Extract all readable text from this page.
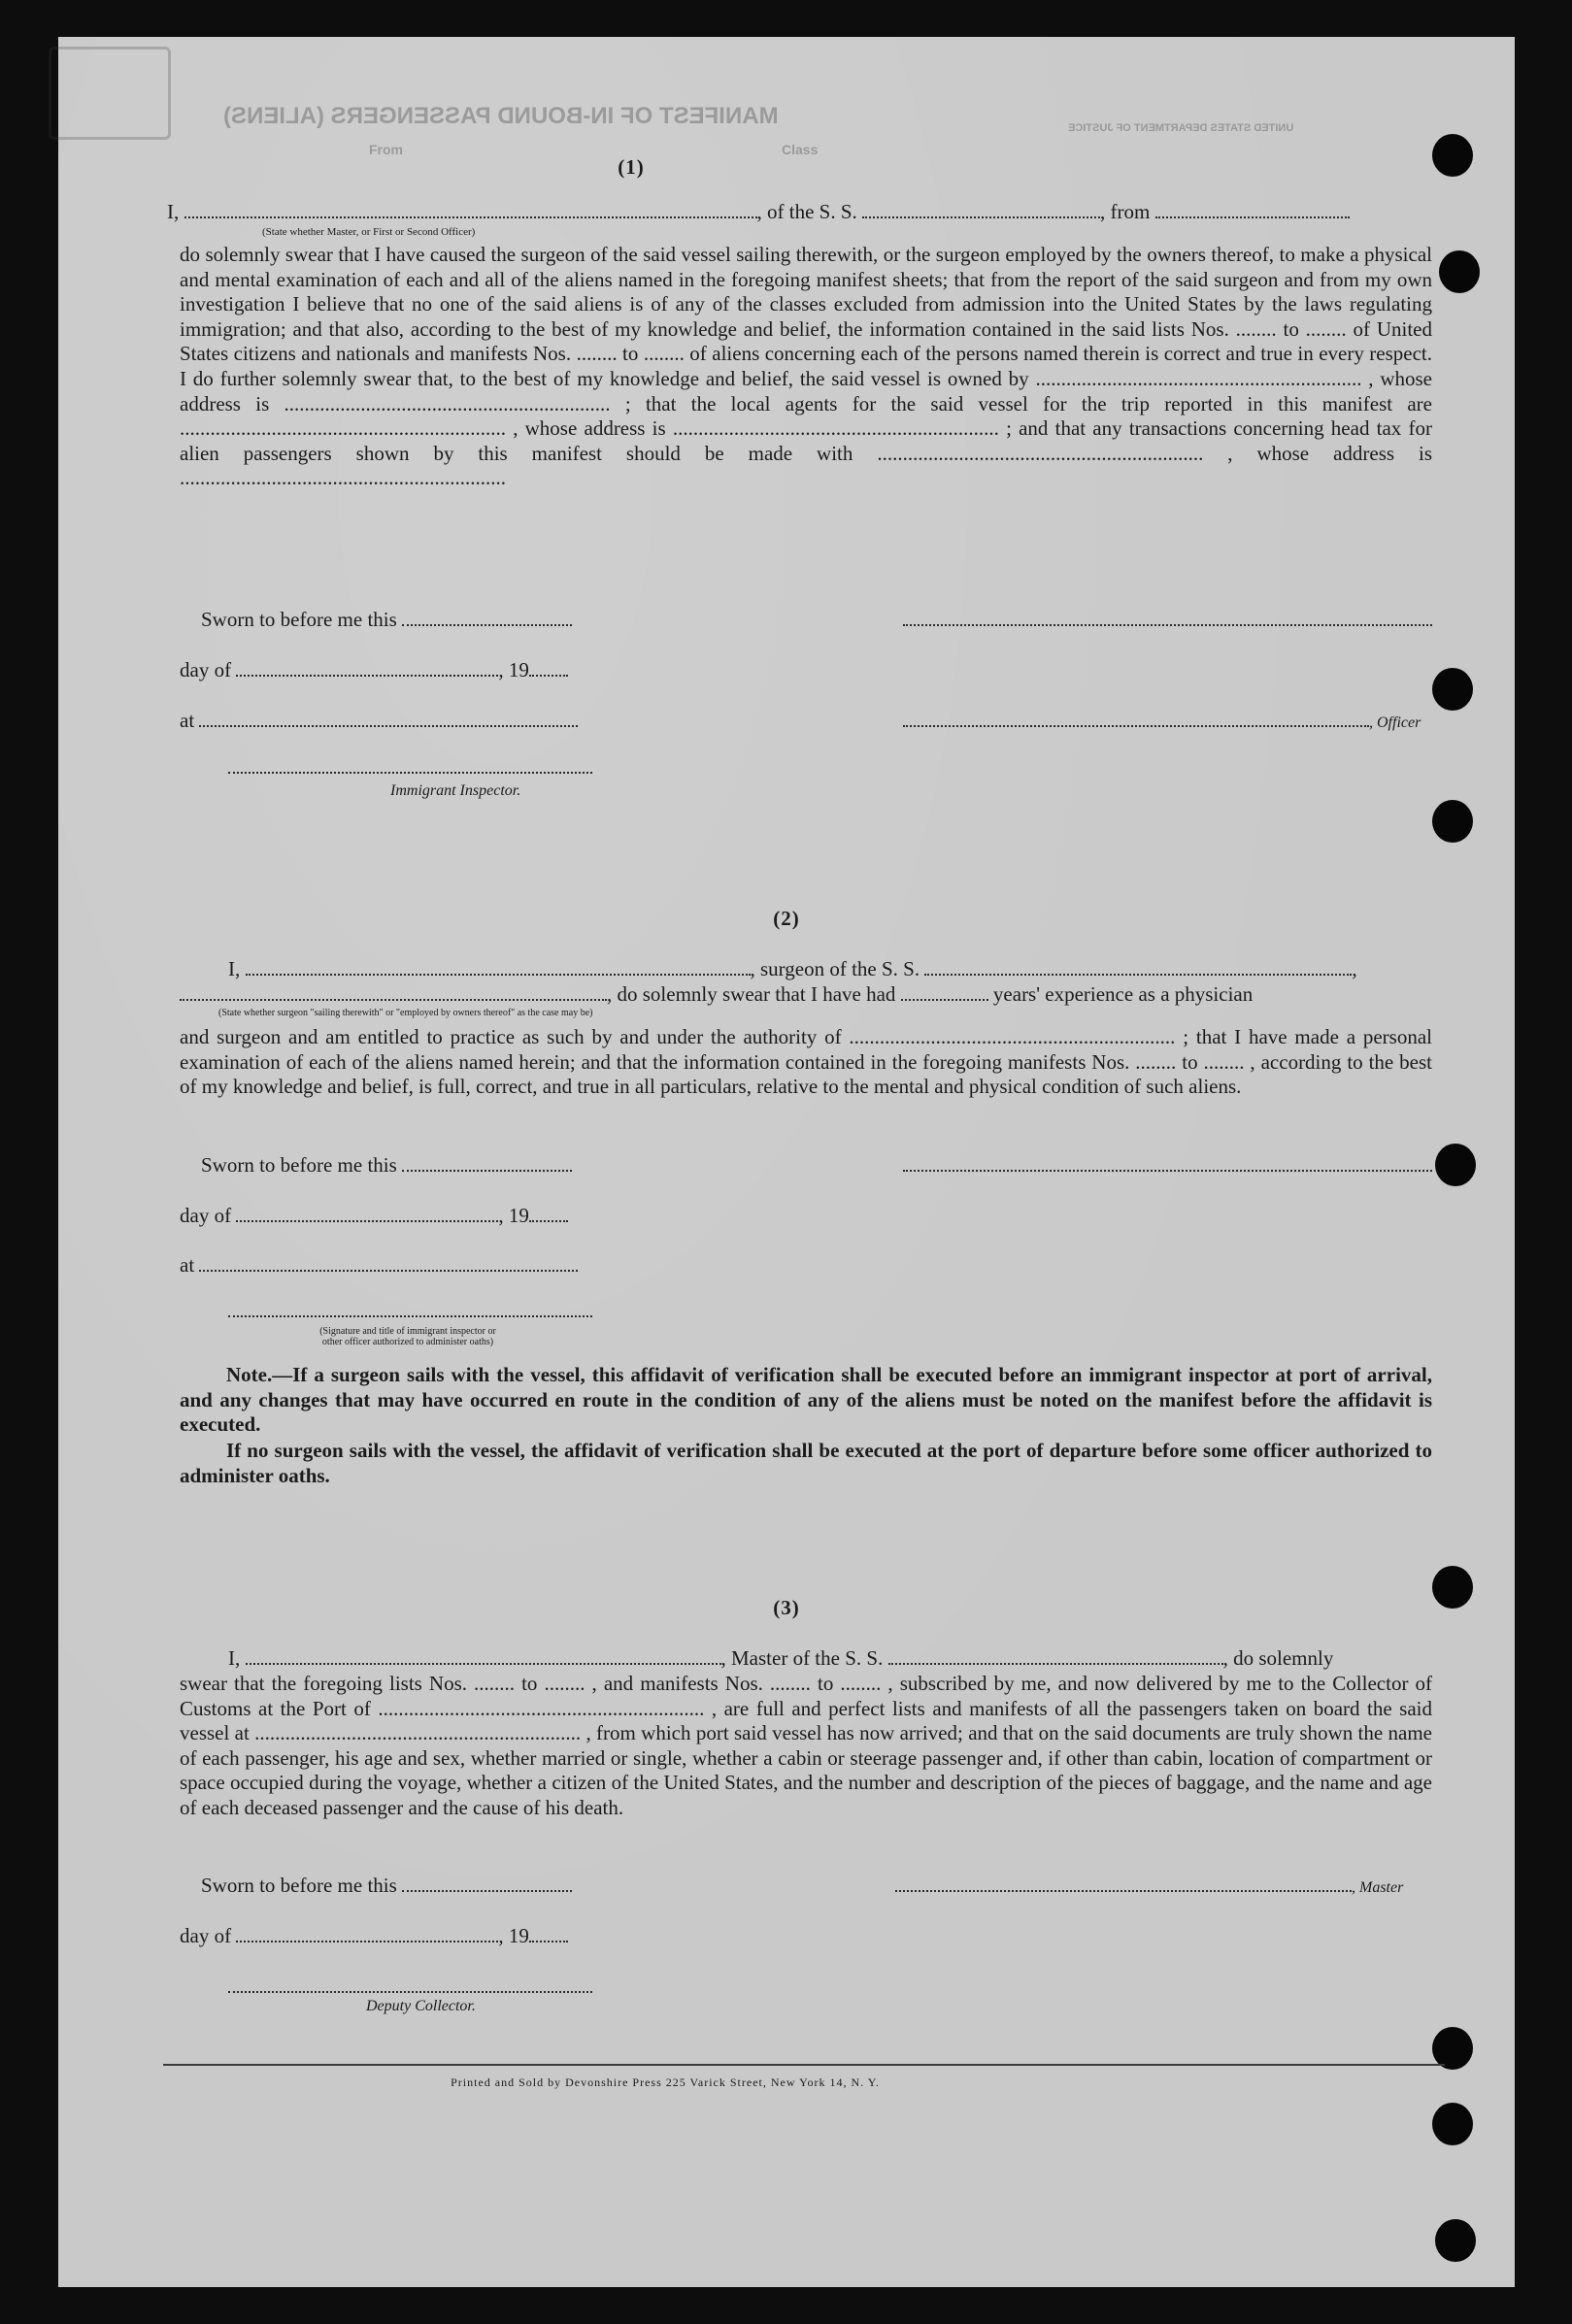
MANIFEST OF IN-BOUND PASSENGERS (ALIENS)
From	Class
UNITED STATES DEPARTMENT OF JUSTICE
(1)
I,	, of the S. S.	, from
(State whether Master, or First or Second Officer)
do solemnly swear that I have caused the surgeon of the said vessel sailing therewith, or the surgeon employed by the owners thereof, to make a physical and mental examination of each and all of the aliens named in the foregoing manifest sheets; that from the report of the said surgeon and from my own investigation I believe that no one of the said aliens is of any of the classes excluded from admission into the United States by the laws regulating immigration; and that also, according to the best of my knowledge and belief, the information contained in the said lists Nos. ........ to ........ of United States citizens and nationals and manifests Nos. ........ to ........ of aliens concerning each of the persons named therein is correct and true in every respect. I do further solemnly swear that, to the best of my knowledge and belief, the said vessel is owned by ................................................................ , whose address is ................................................................ ; that the local agents for the said vessel for the trip reported in this manifest are ................................................................ , whose address is ................................................................ ; and that any transactions concerning head tax for alien passengers shown by this manifest should be made with ................................................................ , whose address is ................................................................
Sworn to before me this
day of	, 19
at	, Officer
Immigrant Inspector.
(2)
I,	, surgeon of the S. S.	,
, do solemnly swear that I have had	years' experience as a physician
(State whether surgeon "sailing therewith" or "employed by owners thereof" as the case may be)
and surgeon and am entitled to practice as such by and under the authority of ................................................................ ; that I have made a personal examination of each of the aliens named herein; and that the information contained in the foregoing manifests Nos. ........ to ........ , according to the best of my knowledge and belief, is full, correct, and true in all particulars, relative to the mental and physical condition of such aliens.
Sworn to before me this
day of	, 19
at
(Signature and title of immigrant inspector or
other officer authorized to administer oaths)
Note.—If a surgeon sails with the vessel, this affidavit of verification shall be executed before an immigrant inspector at port of arrival, and any changes that may have occurred en route in the condition of any of the aliens must be noted on the manifest before the affidavit is executed.
If no surgeon sails with the vessel, the affidavit of verification shall be executed at the port of departure before some officer authorized to administer oaths.
(3)
I,	, Master of the S. S.	, do solemnly
swear that the foregoing lists Nos. ........ to ........ , and manifests Nos. ........ to ........ , subscribed by me, and now delivered by me to the Collector of Customs at the Port of ................................................................ , are full and perfect lists and manifests of all the passengers taken on board the said vessel at ................................................................ , from which port said vessel has now arrived; and that on the said documents are truly shown the name of each passenger, his age and sex, whether married or single, whether a cabin or steerage passenger and, if other than cabin, location of compartment or space occupied during the voyage, whether a citizen of the United States, and the number and description of the pieces of baggage, and the name and age of each deceased passenger and the cause of his death.
Sworn to before me this	, Master
day of	, 19
Deputy Collector.
Printed and Sold by Devonshire Press 225 Varick Street, New York 14, N. Y.
